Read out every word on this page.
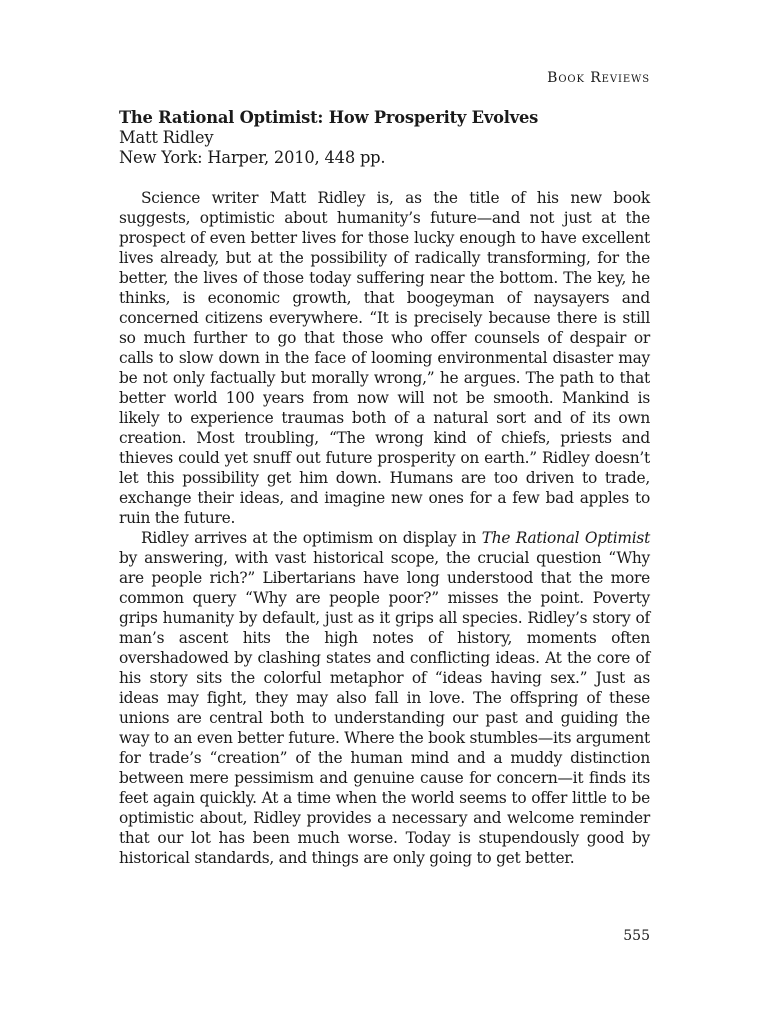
Book Reviews
The Rational Optimist: How Prosperity Evolves
Matt Ridley
New York: Harper, 2010, 448 pp.

Science writer Matt Ridley is, as the title of his new book suggests, optimistic about humanity’s future—and not just at the prospect of even better lives for those lucky enough to have excellent lives already, but at the possibility of radically transforming, for the better, the lives of those today suffering near the bottom. The key, he thinks, is economic growth, that boogeyman of naysayers and concerned citizens everywhere. “It is precisely because there is still so much further to go that those who offer counsels of despair or calls to slow down in the face of looming environmental disaster may be not only factually but morally wrong,” he argues. The path to that better world 100 years from now will not be smooth. Mankind is likely to experience traumas both of a natural sort and of its own creation. Most troubling, “The wrong kind of chiefs, priests and thieves could yet snuff out future prosperity on earth.” Ridley doesn’t let this possibility get him down. Humans are too driven to trade, exchange their ideas, and imagine new ones for a few bad apples to ruin the future.

Ridley arrives at the optimism on display in The Rational Optimist by answering, with vast historical scope, the crucial question “Why are people rich?” Libertarians have long understood that the more common query “Why are people poor?” misses the point. Poverty grips humanity by default, just as it grips all species. Ridley’s story of man’s ascent hits the high notes of history, moments often overshadowed by clashing states and conflicting ideas. At the core of his story sits the colorful metaphor of “ideas having sex.” Just as ideas may fight, they may also fall in love. The offspring of these unions are central both to understanding our past and guiding the way to an even better future. Where the book stumbles—its argument for trade’s “creation” of the human mind and a muddy distinction between mere pessimism and genuine cause for concern—it finds its feet again quickly. At a time when the world seems to offer little to be optimistic about, Ridley provides a necessary and welcome reminder that our lot has been much worse. Today is stupendously good by historical standards, and things are only going to get better.

555
